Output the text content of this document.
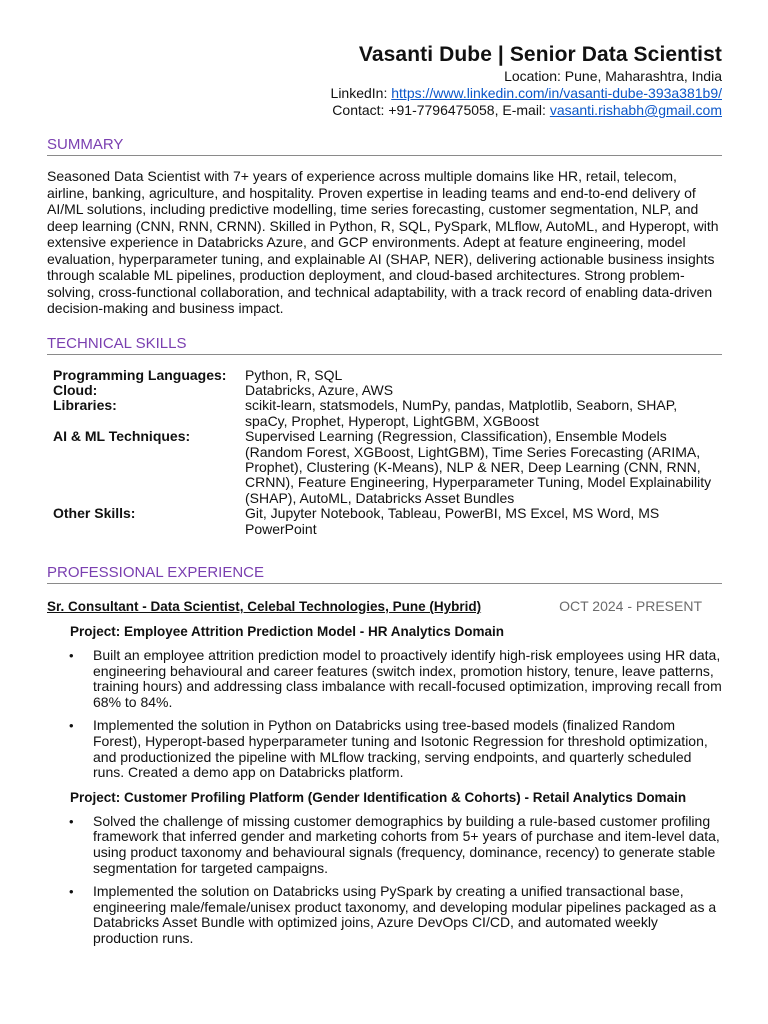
Vasanti Dube | Senior Data Scientist
Location: Pune, Maharashtra, India
LinkedIn: https://www.linkedin.com/in/vasanti-dube-393a381b9/
Contact: +91-7796475058, E-mail: vasanti.rishabh@gmail.com
SUMMARY
Seasoned Data Scientist with 7+ years of experience across multiple domains like HR, retail, telecom, airline, banking, agriculture, and hospitality. Proven expertise in leading teams and end-to-end delivery of AI/ML solutions, including predictive modelling, time series forecasting, customer segmentation, NLP, and deep learning (CNN, RNN, CRNN). Skilled in Python, R, SQL, PySpark, MLflow, AutoML, and Hyperopt, with extensive experience in Databricks Azure, and GCP environments. Adept at feature engineering, model evaluation, hyperparameter tuning, and explainable AI (SHAP, NER), delivering actionable business insights through scalable ML pipelines, production deployment, and cloud-based architectures. Strong problem-solving, cross-functional collaboration, and technical adaptability, with a track record of enabling data-driven decision-making and business impact.
TECHNICAL SKILLS
Programming Languages:	Python, R, SQL
Cloud:	Databricks, Azure, AWS
Libraries:	scikit-learn, statsmodels, NumPy, pandas, Matplotlib, Seaborn, SHAP, spaCy, Prophet, Hyperopt, LightGBM, XGBoost
AI & ML Techniques:	Supervised Learning (Regression, Classification), Ensemble Models (Random Forest, XGBoost, LightGBM), Time Series Forecasting (ARIMA, Prophet), Clustering (K-Means), NLP & NER, Deep Learning (CNN, RNN, CRNN), Feature Engineering, Hyperparameter Tuning, Model Explainability (SHAP), AutoML, Databricks Asset Bundles
Other Skills:	Git, Jupyter Notebook, Tableau, PowerBI, MS Excel, MS Word, MS PowerPoint
PROFESSIONAL EXPERIENCE
Sr. Consultant - Data Scientist, Celebal Technologies, Pune (Hybrid)	OCT 2024 - PRESENT
Project: Employee Attrition Prediction Model - HR Analytics Domain
• Built an employee attrition prediction model to proactively identify high-risk employees using HR data, engineering behavioural and career features (switch index, promotion history, tenure, leave patterns, training hours) and addressing class imbalance with recall-focused optimization, improving recall from 68% to 84%.
• Implemented the solution in Python on Databricks using tree-based models (finalized Random Forest), Hyperopt-based hyperparameter tuning and Isotonic Regression for threshold optimization, and productionized the pipeline with MLflow tracking, serving endpoints, and quarterly scheduled runs. Created a demo app on Databricks platform.
Project: Customer Profiling Platform (Gender Identification & Cohorts) - Retail Analytics Domain
• Solved the challenge of missing customer demographics by building a rule-based customer profiling framework that inferred gender and marketing cohorts from 5+ years of purchase and item-level data, using product taxonomy and behavioural signals (frequency, dominance, recency) to generate stable segmentation for targeted campaigns.
• Implemented the solution on Databricks using PySpark by creating a unified transactional base, engineering male/female/unisex product taxonomy, and developing modular pipelines packaged as a Databricks Asset Bundle with optimized joins, Azure DevOps CI/CD, and automated weekly production runs.
